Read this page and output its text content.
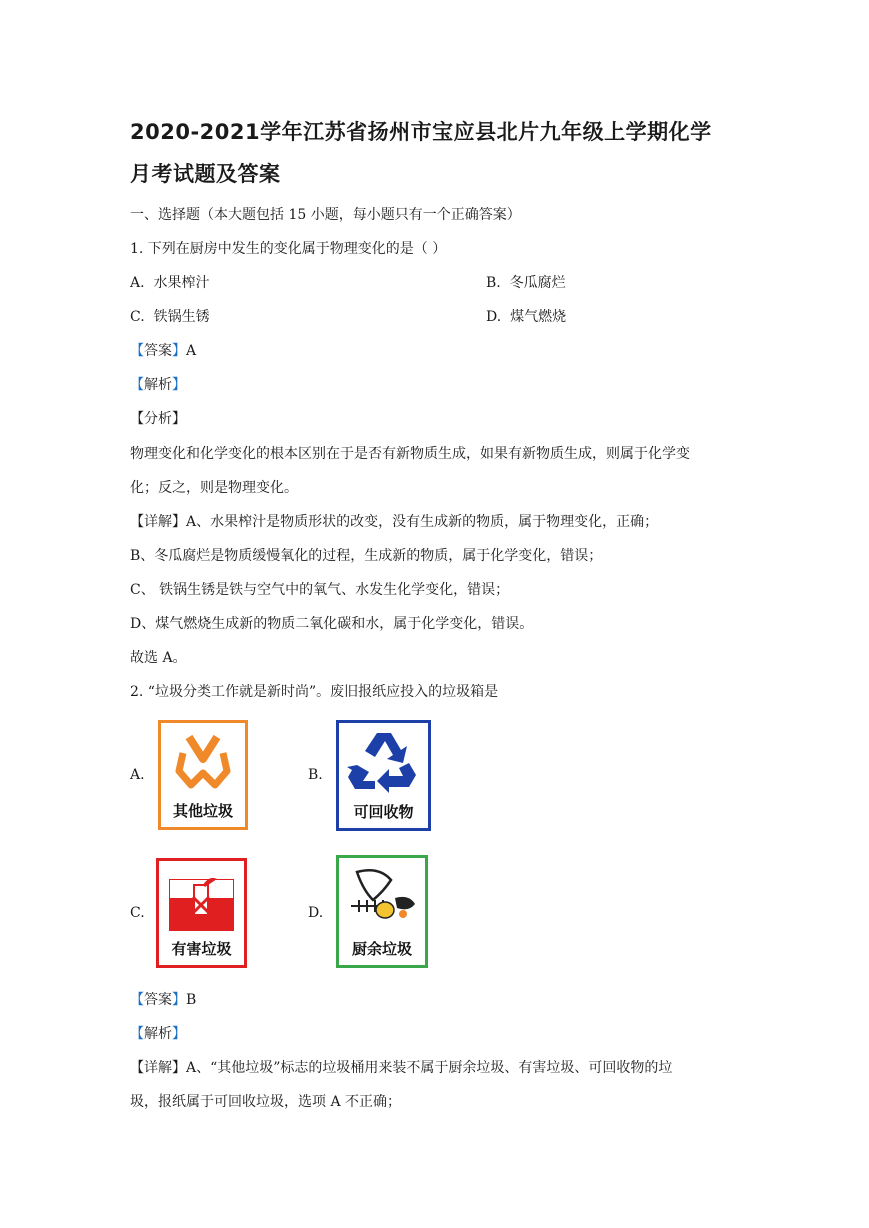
2020-2021学年江苏省扬州市宝应县北片九年级上学期化学
月考试题及答案
一、选择题（本大题包括 15 小题，每小题只有一个正确答案）
1. 下列在厨房中发生的变化属于物理变化的是（ ）
A. 水果榨汁	B. 冬瓜腐烂
C. 铁锅生锈	D. 煤气燃烧
【答案】A
【解析】
【分析】
物理变化和化学变化的根本区别在于是否有新物质生成，如果有新物质生成，则属于化学变
化；反之，则是物理变化。
【详解】A、水果榨汁是物质形状的改变，没有生成新的物质，属于物理变化，正确；
B、冬瓜腐烂是物质缓慢氧化的过程，生成新的物质，属于化学变化，错误；
C、 铁锅生锈是铁与空气中的氧气、水发生化学变化，错误；
D、煤气燃烧生成新的物质二氧化碳和水，属于化学变化，错误。
故选 A。
2. “垃圾分类工作就是新时尚”。废旧报纸应投入的垃圾箱是
A.
其他垃圾
B.
可回收物
C.
有害垃圾
D.
厨余垃圾
【答案】B
【解析】
【详解】A、“其他垃圾”标志的垃圾桶用来装不属于厨余垃圾、有害垃圾、可回收物的垃
圾，报纸属于可回收垃圾，选项 A 不正确；
